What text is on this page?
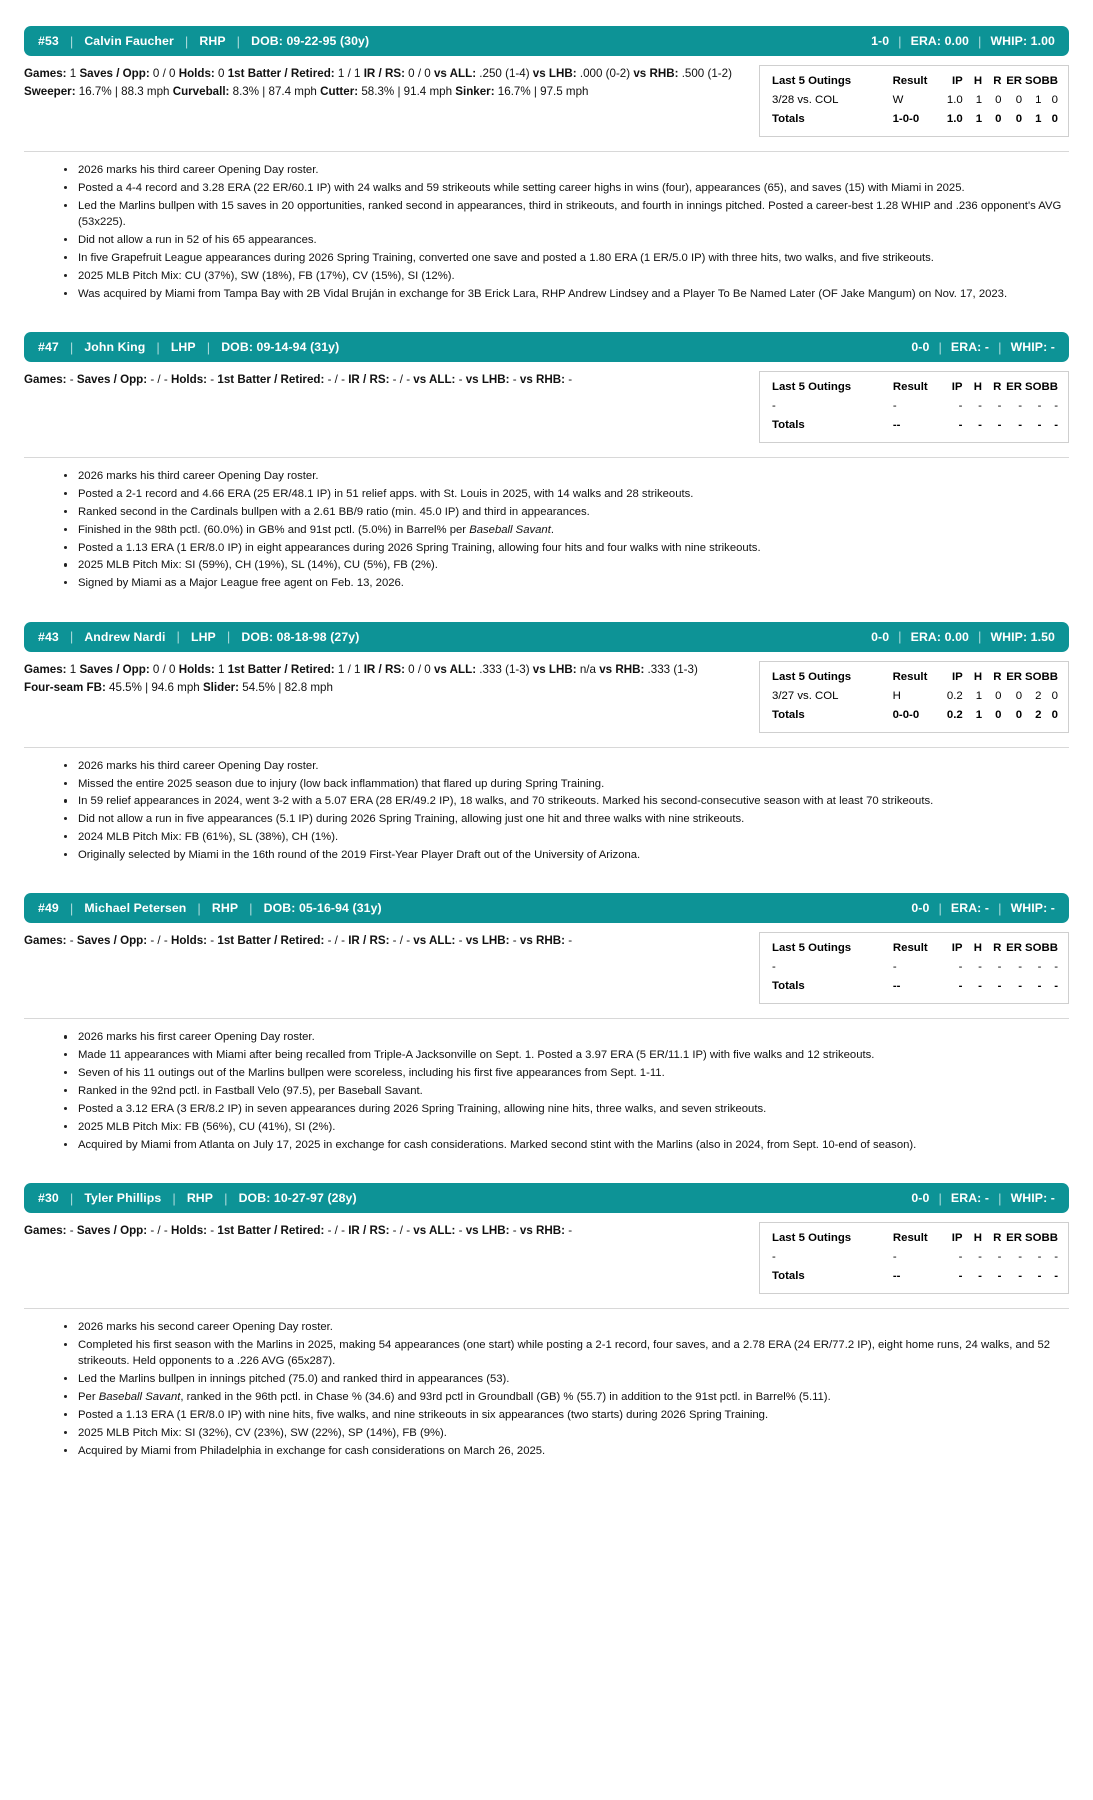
#53 | Calvin Faucher | RHP | DOB: 09-22-95 (30y)	1-0 | ERA: 0.00 | WHIP: 1.00
Games: 1 Saves / Opp: 0 / 0 Holds: 0 1st Batter / Retired: 1 / 1 IR / RS: 0 / 0 vs ALL: .250 (1-4) vs LHB: .000 (0-2) vs RHB: .500 (1-2)
Sweeper: 16.7% | 88.3 mph Curveball: 8.3% | 87.4 mph Cutter: 58.3% | 91.4 mph Sinker: 16.7% | 97.5 mph
Last 5 Outings	Result	IP	H	R	ER	SO	BB
3/28 vs. COL	W	1.0	1	0	0	1	0
Totals	1-0-0	1.0	1	0	0	1	0
2026 marks his third career Opening Day roster.
Posted a 4-4 record and 3.28 ERA (22 ER/60.1 IP) with 24 walks and 59 strikeouts while setting career highs in wins (four), appearances (65), and saves (15) with Miami in 2025.
Led the Marlins bullpen with 15 saves in 20 opportunities, ranked second in appearances, third in strikeouts, and fourth in innings pitched. Posted a career-best 1.28 WHIP and .236 opponent's AVG (53x225).
Did not allow a run in 52 of his 65 appearances.
In five Grapefruit League appearances during 2026 Spring Training, converted one save and posted a 1.80 ERA (1 ER/5.0 IP) with three hits, two walks, and five strikeouts.
2025 MLB Pitch Mix: CU (37%), SW (18%), FB (17%), CV (15%), SI (12%).
Was acquired by Miami from Tampa Bay with 2B Vidal Bruján in exchange for 3B Erick Lara, RHP Andrew Lindsey and a Player To Be Named Later (OF Jake Mangum) on Nov. 17, 2023.
#47 | John King | LHP | DOB: 09-14-94 (31y)	0-0 | ERA: - | WHIP: -
Games: - Saves / Opp: - / - Holds: - 1st Batter / Retired: - / - IR / RS: - / - vs ALL: - vs LHB: - vs RHB: -
Last 5 Outings	Result	IP	H	R	ER	SO	BB
-	-	-	-	-	-	-	-
Totals	--	-	-	-	-	-	-
2026 marks his third career Opening Day roster.
Posted a 2-1 record and 4.66 ERA (25 ER/48.1 IP) in 51 relief apps. with St. Louis in 2025, with 14 walks and 28 strikeouts.
Ranked second in the Cardinals bullpen with a 2.61 BB/9 ratio (min. 45.0 IP) and third in appearances.
Finished in the 98th pctl. (60.0%) in GB% and 91st pctl. (5.0%) in Barrel% per Baseball Savant.
Posted a 1.13 ERA (1 ER/8.0 IP) in eight appearances during 2026 Spring Training, allowing four hits and four walks with nine strikeouts.
2025 MLB Pitch Mix: SI (59%), CH (19%), SL (14%), CU (5%), FB (2%).
Signed by Miami as a Major League free agent on Feb. 13, 2026.
#43 | Andrew Nardi | LHP | DOB: 08-18-98 (27y)	0-0 | ERA: 0.00 | WHIP: 1.50
Games: 1 Saves / Opp: 0 / 0 Holds: 1 1st Batter / Retired: 1 / 1 IR / RS: 0 / 0 vs ALL: .333 (1-3) vs LHB: n/a vs RHB: .333 (1-3)
Four-seam FB: 45.5% | 94.6 mph Slider: 54.5% | 82.8 mph
Last 5 Outings	Result	IP	H	R	ER	SO	BB
3/27 vs. COL	H	0.2	1	0	0	2	0
Totals	0-0-0	0.2	1	0	0	2	0
2026 marks his third career Opening Day roster.
Missed the entire 2025 season due to injury (low back inflammation) that flared up during Spring Training.
In 59 relief appearances in 2024, went 3-2 with a 5.07 ERA (28 ER/49.2 IP), 18 walks, and 70 strikeouts. Marked his second-consecutive season with at least 70 strikeouts.
Did not allow a run in five appearances (5.1 IP) during 2026 Spring Training, allowing just one hit and three walks with nine strikeouts.
2024 MLB Pitch Mix: FB (61%), SL (38%), CH (1%).
Originally selected by Miami in the 16th round of the 2019 First-Year Player Draft out of the University of Arizona.
#49 | Michael Petersen | RHP | DOB: 05-16-94 (31y)	0-0 | ERA: - | WHIP: -
Games: - Saves / Opp: - / - Holds: - 1st Batter / Retired: - / - IR / RS: - / - vs ALL: - vs LHB: - vs RHB: -
Last 5 Outings	Result	IP	H	R	ER	SO	BB
-	-	-	-	-	-	-	-
Totals	--	-	-	-	-	-	-
2026 marks his first career Opening Day roster.
Made 11 appearances with Miami after being recalled from Triple-A Jacksonville on Sept. 1. Posted a 3.97 ERA (5 ER/11.1 IP) with five walks and 12 strikeouts.
Seven of his 11 outings out of the Marlins bullpen were scoreless, including his first five appearances from Sept. 1-11.
Ranked in the 92nd pctl. in Fastball Velo (97.5), per Baseball Savant.
Posted a 3.12 ERA (3 ER/8.2 IP) in seven appearances during 2026 Spring Training, allowing nine hits, three walks, and seven strikeouts.
2025 MLB Pitch Mix: FB (56%), CU (41%), SI (2%).
Acquired by Miami from Atlanta on July 17, 2025 in exchange for cash considerations. Marked second stint with the Marlins (also in 2024, from Sept. 10-end of season).
#30 | Tyler Phillips | RHP | DOB: 10-27-97 (28y)	0-0 | ERA: - | WHIP: -
Games: - Saves / Opp: - / - Holds: - 1st Batter / Retired: - / - IR / RS: - / - vs ALL: - vs LHB: - vs RHB: -
Last 5 Outings	Result	IP	H	R	ER	SO	BB
-	-	-	-	-	-	-	-
Totals	--	-	-	-	-	-	-
2026 marks his second career Opening Day roster.
Completed his first season with the Marlins in 2025, making 54 appearances (one start) while posting a 2-1 record, four saves, and a 2.78 ERA (24 ER/77.2 IP), eight home runs, 24 walks, and 52 strikeouts. Held opponents to a .226 AVG (65x287).
Led the Marlins bullpen in innings pitched (75.0) and ranked third in appearances (53).
Per Baseball Savant, ranked in the 96th pctl. in Chase % (34.6) and 93rd pctl in Groundball (GB) % (55.7) in addition to the 91st pctl. in Barrel% (5.11).
Posted a 1.13 ERA (1 ER/8.0 IP) with nine hits, five walks, and nine strikeouts in six appearances (two starts) during 2026 Spring Training.
2025 MLB Pitch Mix: SI (32%), CV (23%), SW (22%), SP (14%), FB (9%).
Acquired by Miami from Philadelphia in exchange for cash considerations on March 26, 2025.
